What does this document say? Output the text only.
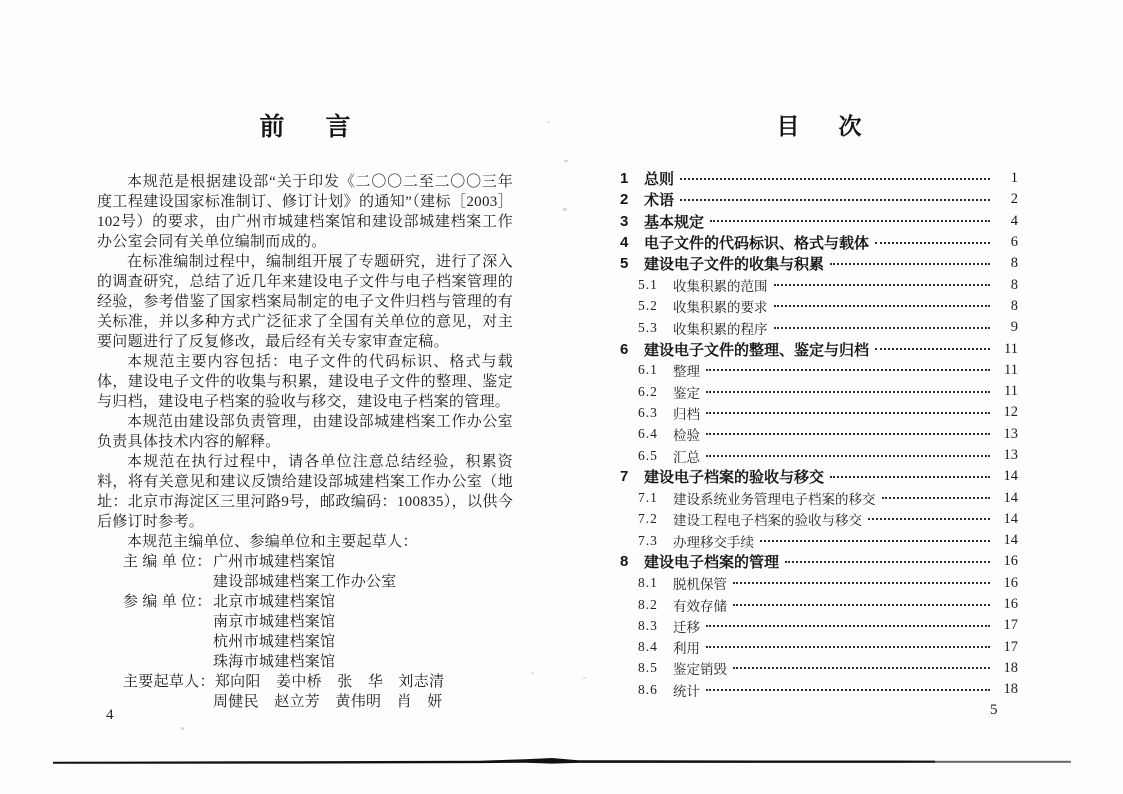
前　言

本规范是根据建设部“关于印发《二〇〇二至二〇〇三年度工程建设国家标准制订、修订计划》的通知”（建标［2003］102号）的要求，由广州市城建档案馆和建设部城建档案工作办公室会同有关单位编制而成的。

在标准编制过程中，编制组开展了专题研究，进行了深入的调查研究，总结了近几年来建设电子文件与电子档案管理的经验，参考借鉴了国家档案局制定的电子文件归档与管理的有关标准，并以多种方式广泛征求了全国有关单位的意见，对主要问题进行了反复修改，最后经有关专家审查定稿。

本规范主要内容包括：电子文件的代码标识、格式与载体，建设电子文件的收集与积累，建设电子文件的整理、鉴定与归档，建设电子档案的验收与移交，建设电子档案的管理。

本规范由建设部负责管理，由建设部城建档案工作办公室负责具体技术内容的解释。

本规范在执行过程中，请各单位注意总结经验，积累资料，将有关意见和建议反馈给建设部城建档案工作办公室（地址：北京市海淀区三里河路9号，邮政编码：100835），以供今后修订时参考。

本规范主编单位、参编单位和主要起草人：

主 编 单 位： 广州市城建档案馆
建设部城建档案工作办公室
参 编 单 位： 北京市城建档案馆
南京市城建档案馆
杭州市城建档案馆
珠海市城建档案馆
主要起草人： 郑向阳　姜中桥　张　华　刘志清
周健民　赵立芳　黄伟明　肖　妍
目　次
1	总则	1
2	术语	2
3	基本规定	4
4	电子文件的代码标识、格式与载体	6
5	建设电子文件的收集与积累	8
5.1	收集积累的范围	8
5.2	收集积累的要求	8
5.3	收集积累的程序	9
6	建设电子文件的整理、鉴定与归档	11
6.1	整理	11
6.2	鉴定	11
6.3	归档	12
6.4	检验	13
6.5	汇总	13
7	建设电子档案的验收与移交	14
7.1	建设系统业务管理电子档案的移交	14
7.2	建设工程电子档案的验收与移交	14
7.3	办理移交手续	14
8	建设电子档案的管理	16
8.1	脱机保管	16
8.2	有效存储	16
8.3	迁移	17
8.4	利用	17
8.5	鉴定销毁	18
8.6	统计	18
4	5
